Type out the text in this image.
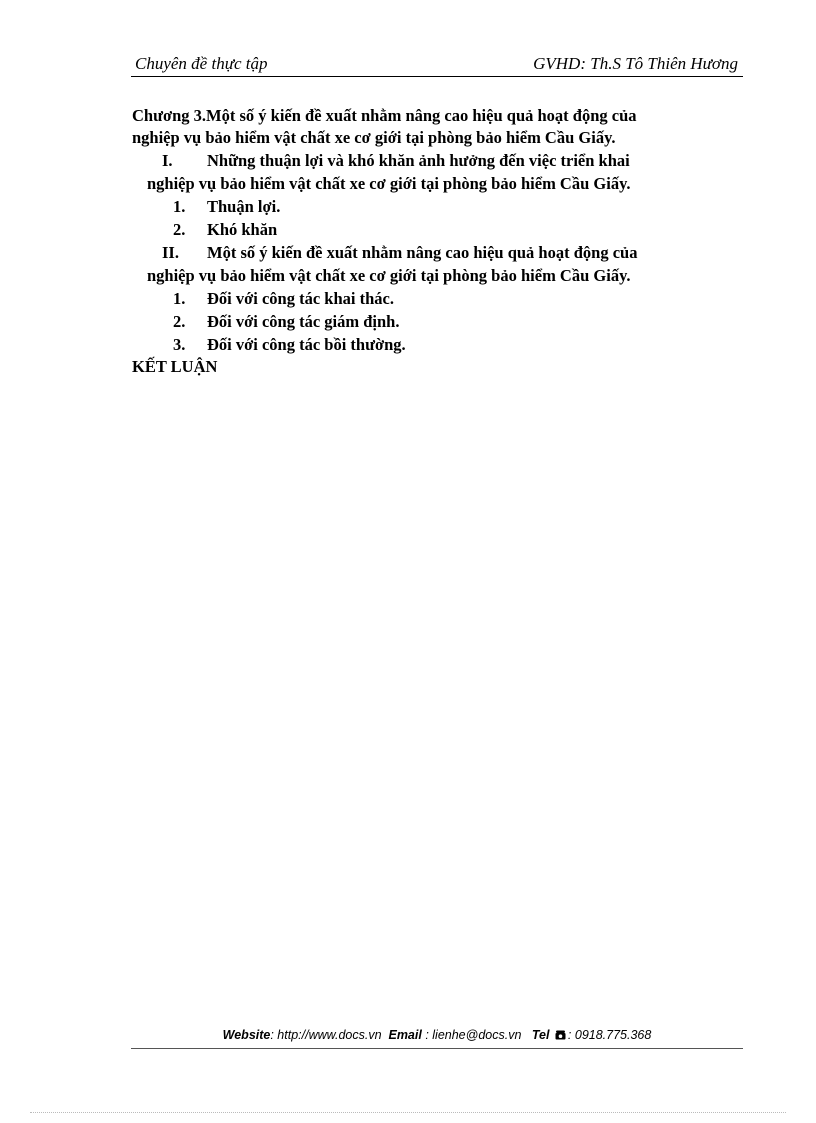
Chuyên đề thực tập	GVHD: Th.S Tô Thiên Hương
Chương 3.Một số ý kiến đề xuất nhằm nâng cao hiệu quả hoạt động của
nghiệp vụ bảo hiểm vật chất xe cơ giới tại phòng bảo hiểm Cầu Giấy.
I. Những thuận lợi và khó khăn ảnh hưởng đến việc triển khai
nghiệp vụ bảo hiểm vật chất xe cơ giới tại phòng bảo hiểm Cầu Giấy.
1. Thuận lợi.
2. Khó khăn
II. Một số ý kiến đề xuất nhằm nâng cao hiệu quả hoạt động của
nghiệp vụ bảo hiểm vật chất xe cơ giới tại phòng bảo hiểm Cầu Giấy.
1. Đối với công tác khai thác.
2. Đối với công tác giám định.
3. Đối với công tác bồi thường.
KẾT LUẬN
Website: http://www.docs.vn Email : lienhe@docs.vn Tel : 0918.775.368
